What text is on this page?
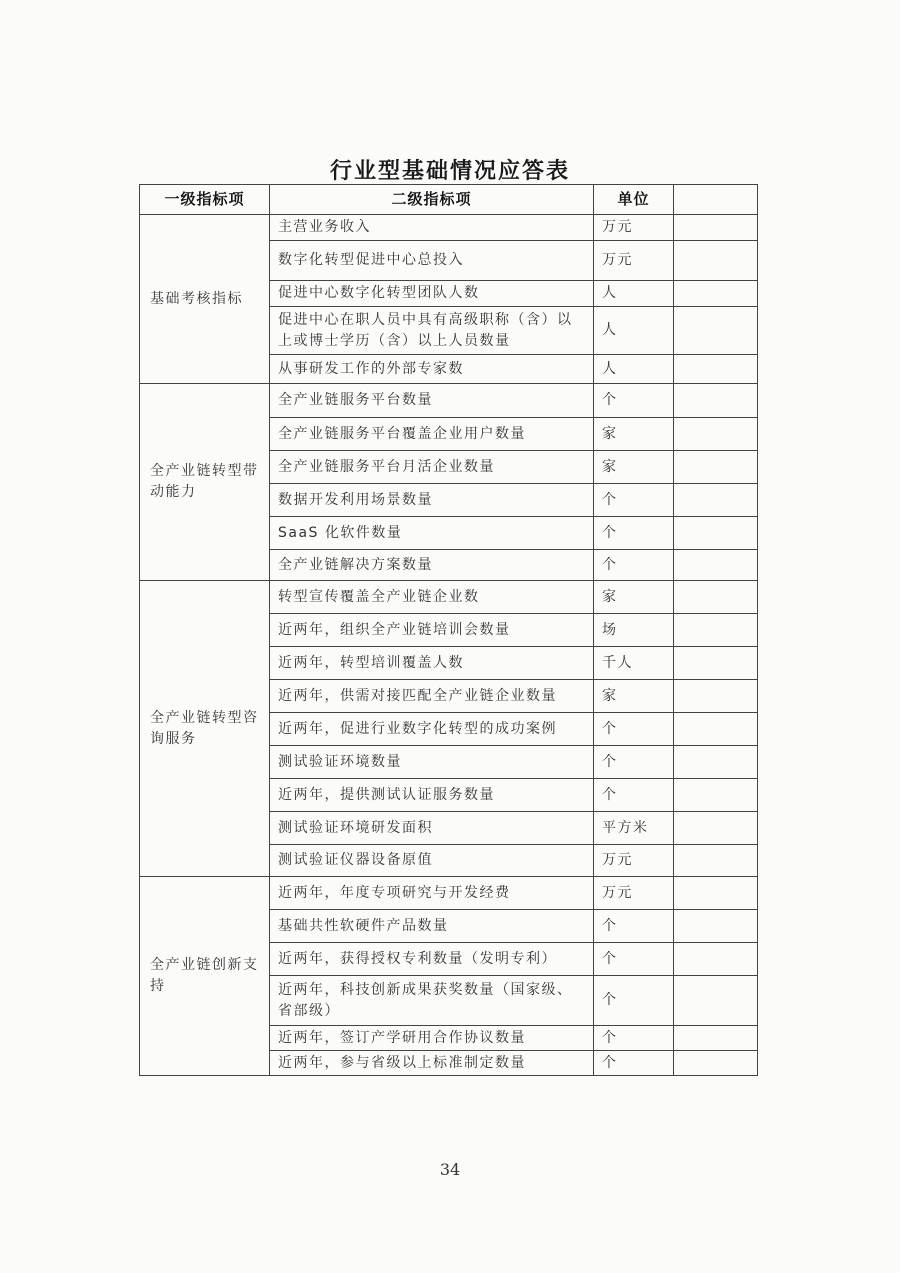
行业型基础情况应答表
一级指标项	二级指标项	单位	
基础考核指标	主营业务收入	万元	
	数字化转型促进中心总投入	万元	
	促进中心数字化转型团队人数	人	
	促进中心在职人员中具有高级职称（含）以上或博士学历（含）以上人员数量	人	
	从事研发工作的外部专家数	人	
全产业链转型带动能力	全产业链服务平台数量	个	
	全产业链服务平台覆盖企业用户数量	家	
	全产业链服务平台月活企业数量	家	
	数据开发利用场景数量	个	
	SaaS 化软件数量	个	
	全产业链解决方案数量	个	
全产业链转型咨询服务	转型宣传覆盖全产业链企业数	家	
	近两年，组织全产业链培训会数量	场	
	近两年，转型培训覆盖人数	千人	
	近两年，供需对接匹配全产业链企业数量	家	
	近两年，促进行业数字化转型的成功案例	个	
	测试验证环境数量	个	
	近两年，提供测试认证服务数量	个	
	测试验证环境研发面积	平方米	
	测试验证仪器设备原值	万元	
全产业链创新支持	近两年，年度专项研究与开发经费	万元	
	基础共性软硬件产品数量	个	
	近两年，获得授权专利数量（发明专利）	个	
	近两年，科技创新成果获奖数量（国家级、省部级）	个	
	近两年，签订产学研用合作协议数量	个	
	近两年，参与省级以上标准制定数量	个	
34
